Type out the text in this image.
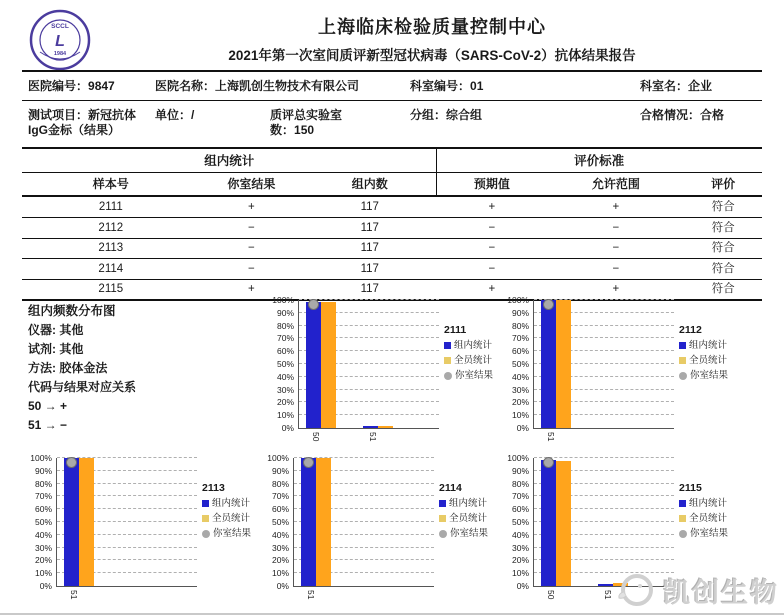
SCCL
L
1984
上海临床检验质量控制中心
2021年第一次室间质评新型冠状病毒（SARS-CoV-2）抗体结果报告
医院编号：9847	医院名称：上海凯创生物技术有限公司	科室编号：01	科室名：企业
测试项目：新冠抗体IgG金标（结果）
单位：/	质评总实验室数：150
分组：综合组	合格情况：合格
组内统计	评价标准
样本号	你室结果	组内数	预期值	允许范围	评价
2111	+	117	+	+	符合
2112	−	117	−	−	符合
2113	−	117	−	−	符合
2114	−	117	−	−	符合
2115	+	117	+	+	符合
组内频数分布图
仪器: 其他
试剂: 其他
方法: 胶体金法
代码与结果对应关系
50 → +
51 → −	0%
10%
20%
30%
40%
50%
60%
70%
80%
90%
100%
50	51
2111
组内统计
全员统计
你室结果
0%
10%
20%
30%
40%
50%
60%
70%
80%
90%
100%
51
2112
组内统计
全员统计
你室结果
0%
10%
20%
30%
40%
50%
60%
70%
80%
90%
100%
51
2113
组内统计
全员统计
你室结果
0%
10%
20%
30%
40%
50%
60%
70%
80%
90%
100%
51
2114
组内统计
全员统计
你室结果
0%
10%
20%
30%
40%
50%
60%
70%
80%
90%
100%
50	51
2115
组内统计
全员统计
你室结果
凯创生物
